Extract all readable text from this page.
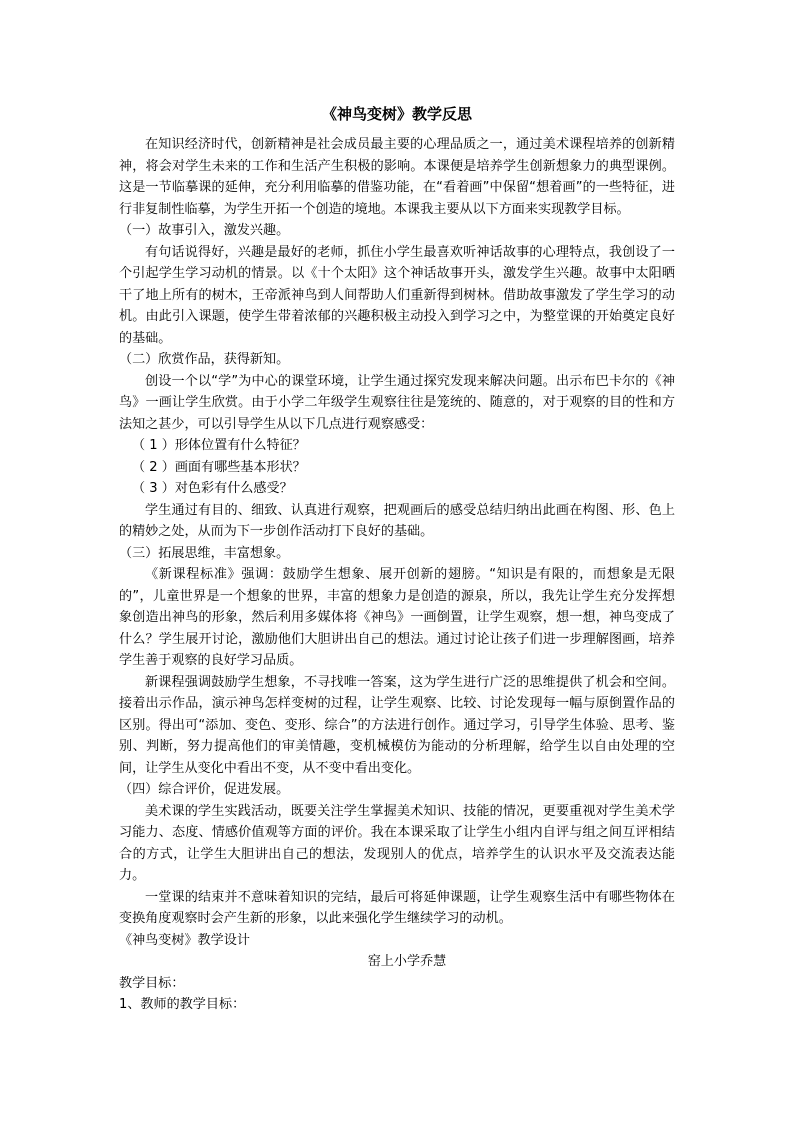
《神鸟变树》教学反思

在知识经济时代，创新精神是社会成员最主要的心理品质之一，通过美术课程培养的创新精神，将会对学生未来的工作和生活产生积极的影响。本课便是培养学生创新想象力的典型课例。这是一节临摹课的延伸，充分利用临摹的借鉴功能，在“看着画”中保留“想着画”的一些特征，进行非复制性临摹，为学生开拓一个创造的境地。本课我主要从以下方面来实现教学目标。

（一）故事引入，激发兴趣。

有句话说得好，兴趣是最好的老师，抓住小学生最喜欢听神话故事的心理特点，我创设了一个引起学生学习动机的情景。以《十个太阳》这个神话故事开头，激发学生兴趣。故事中太阳晒干了地上所有的树木，王帝派神鸟到人间帮助人们重新得到树林。借助故事激发了学生学习的动机。由此引入课题，使学生带着浓郁的兴趣积极主动投入到学习之中，为整堂课的开始奠定良好的基础。

（二）欣赏作品，获得新知。

创设一个以“学”为中心的课堂环境，让学生通过探究发现来解决问题。出示布巴卡尔的《神鸟》一画让学生欣赏。由于小学二年级学生观察往往是笼统的、随意的，对于观察的目的性和方法知之甚少，可以引导学生从以下几点进行观察感受：

（ 1 ）形体位置有什么特征？

（ 2 ）画面有哪些基本形状？

（ 3 ）对色彩有什么感受？

学生通过有目的、细致、认真进行观察，把观画后的感受总结归纳出此画在构图、形、色上的精妙之处，从而为下一步创作活动打下良好的基础。

（三）拓展思维，丰富想象。

《新课程标准》强调：鼓励学生想象、展开创新的翅膀。“知识是有限的，而想象是无限的”，儿童世界是一个想象的世界，丰富的想象力是创造的源泉，所以，我先让学生充分发挥想象创造出神鸟的形象，然后利用多媒体将《神鸟》一画倒置，让学生观察，想一想，神鸟变成了什么？学生展开讨论，激励他们大胆讲出自己的想法。通过讨论让孩子们进一步理解图画，培养学生善于观察的良好学习品质。

新课程强调鼓励学生想象，不寻找唯一答案，这为学生进行广泛的思维提供了机会和空间。接着出示作品，演示神鸟怎样变树的过程，让学生观察、比较、讨论发现每一幅与原倒置作品的区别。得出可“添加、变色、变形、综合”的方法进行创作。通过学习，引导学生体验、思考、鉴别、判断，努力提高他们的审美情趣，变机械模仿为能动的分析理解，给学生以自由处理的空间，让学生从变化中看出不变，从不变中看出变化。

（四）综合评价，促进发展。

美术课的学生实践活动，既要关注学生掌握美术知识、技能的情况，更要重视对学生美术学习能力、态度、情感价值观等方面的评价。我在本课采取了让学生小组内自评与组之间互评相结合的方式，让学生大胆讲出自己的想法，发现别人的优点，培养学生的认识水平及交流表达能力。

一堂课的结束并不意味着知识的完结，最后可将延伸课题，让学生观察生活中有哪些物体在变换角度观察时会产生新的形象，以此来强化学生继续学习的动机。

《神鸟变树》教学设计

窑上小学乔慧

教学目标：

1、教师的教学目标：
